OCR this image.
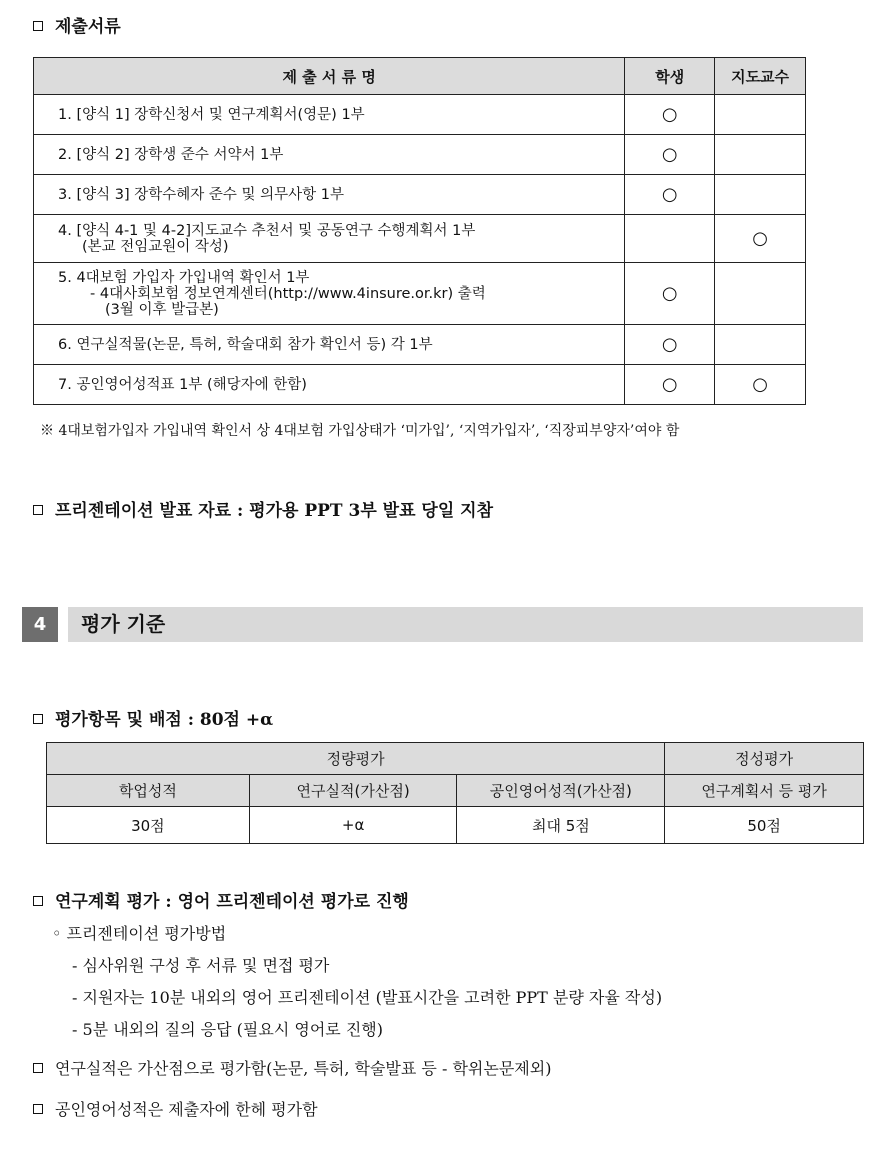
제출서류
제 출 서 류 명	학생	지도교수

1. [양식 1] 장학신청서 및 연구계획서(영문) 1부	○	

2. [양식 2] 장학생 준수 서약서 1부	○	

3. [양식 3] 장학수혜자 준수 및 의무사항 1부	○	

4. [양식 4-1 및 4-2]지도교수 추천서 및 공동연구 수행계획서 1부
(본교 전임교원이 작성)		○

5. 4대보험 가입자 가입내역 확인서 1부
- 4대사회보험 정보연계센터(http://www.4insure.or.kr) 출력
(3월 이후 발급본)	○	

6. 연구실적물(논문, 특허, 학술대회 참가 확인서 등) 각 1부	○	

7. 공인영어성적표 1부 (해당자에 한함)	○	○
※ 4대보험가입자 가입내역 확인서 상 4대보험 가입상태가 ‘미가입’, ‘지역가입자’, ‘직장피부양자’여야 함
프리젠테이션 발표 자료 : 평가용 PPT 3부 발표 당일 지참
4	평가 기준
평가항목 및 배점 : 80점 +α
정량평가			정성평가
학업성적	연구실적(가산점)	공인영어성적(가산점)	연구계획서 등 평가
30점	+α	최대 5점	50점
연구계획 평가 : 영어 프리젠테이션 평가로 진행
◦ 프리젠테이션 평가방법
- 심사위원 구성 후 서류 및 면접 평가
- 지원자는 10분 내외의 영어 프리젠테이션 (발표시간을 고려한 PPT 분량 자율 작성)
- 5분 내외의 질의 응답 (필요시 영어로 진행)
연구실적은 가산점으로 평가함(논문, 특허, 학술발표 등 - 학위논문제외)
공인영어성적은 제출자에 한헤 평가함
